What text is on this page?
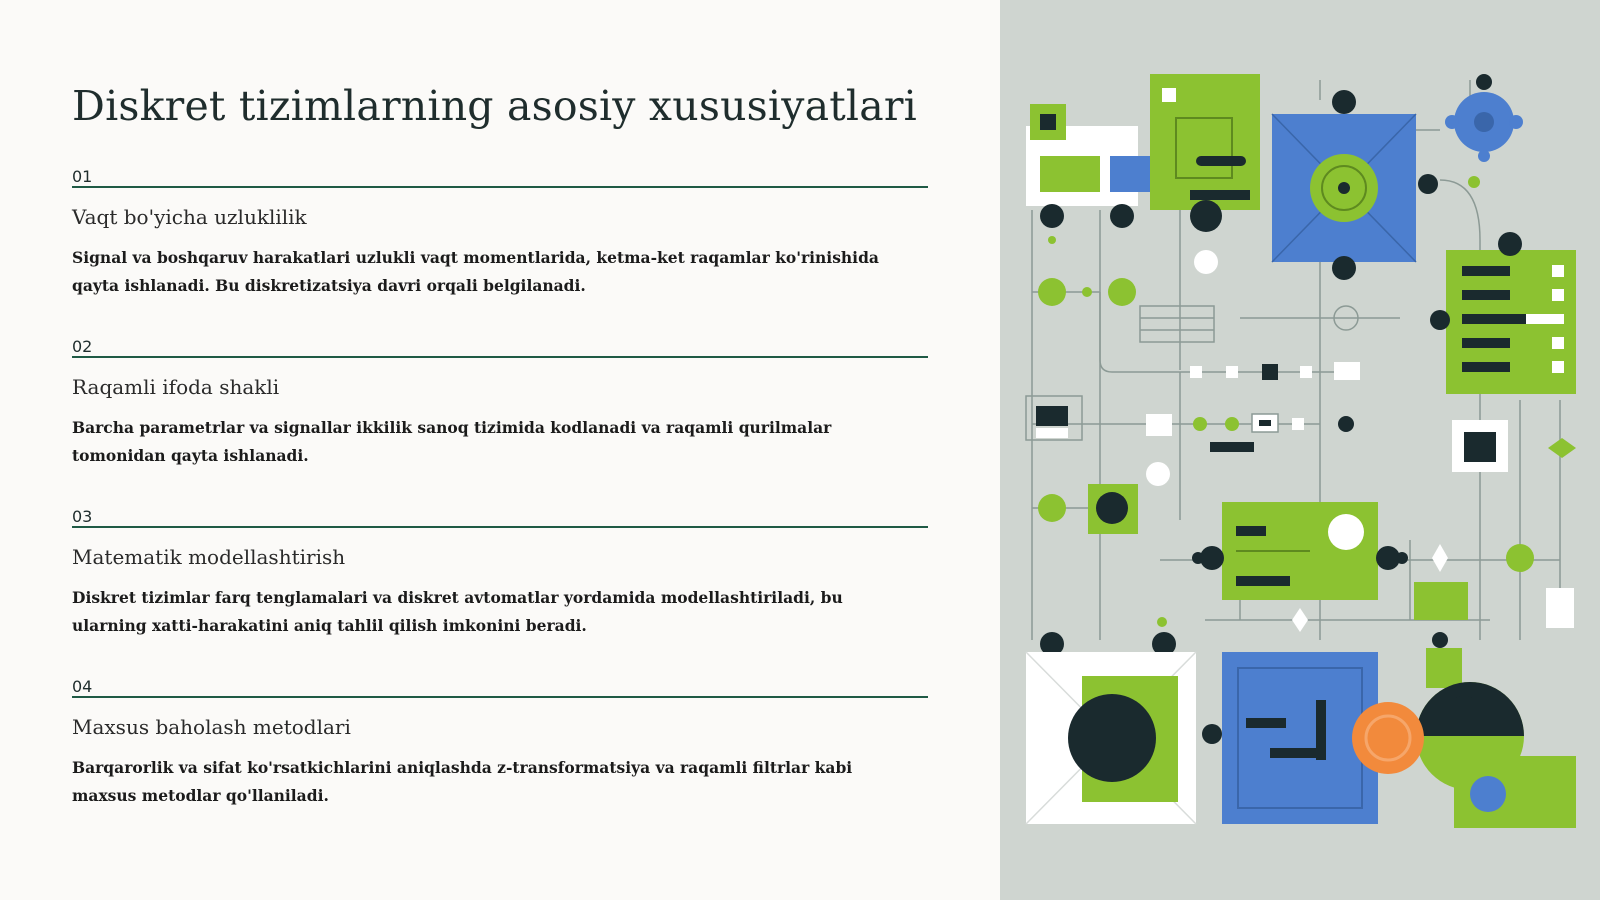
Diskret tizimlarning asosiy xususiyatlari
01
Vaqt bo'yicha uzluklilik
Signal va boshqaruv harakatlari uzlukli vaqt momentlarida, ketma-ket raqamlar ko'rinishida qayta ishlanadi. Bu diskretizatsiya davri orqali belgilanadi.
02
Raqamli ifoda shakli
Barcha parametrlar va signallar ikkilik sanoq tizimida kodlanadi va raqamli qurilmalar tomonidan qayta ishlanadi.
03
Matematik modellashtirish
Diskret tizimlar farq tenglamalari va diskret avtomatlar yordamida modellashtiriladi, bu ularning xatti-harakatini aniq tahlil qilish imkonini beradi.
04
Maxsus baholash metodlari
Barqarorlik va sifat ko'rsatkichlarini aniqlashda z-transformatsiya va raqamli filtrlar kabi maxsus metodlar qo'llaniladi.
